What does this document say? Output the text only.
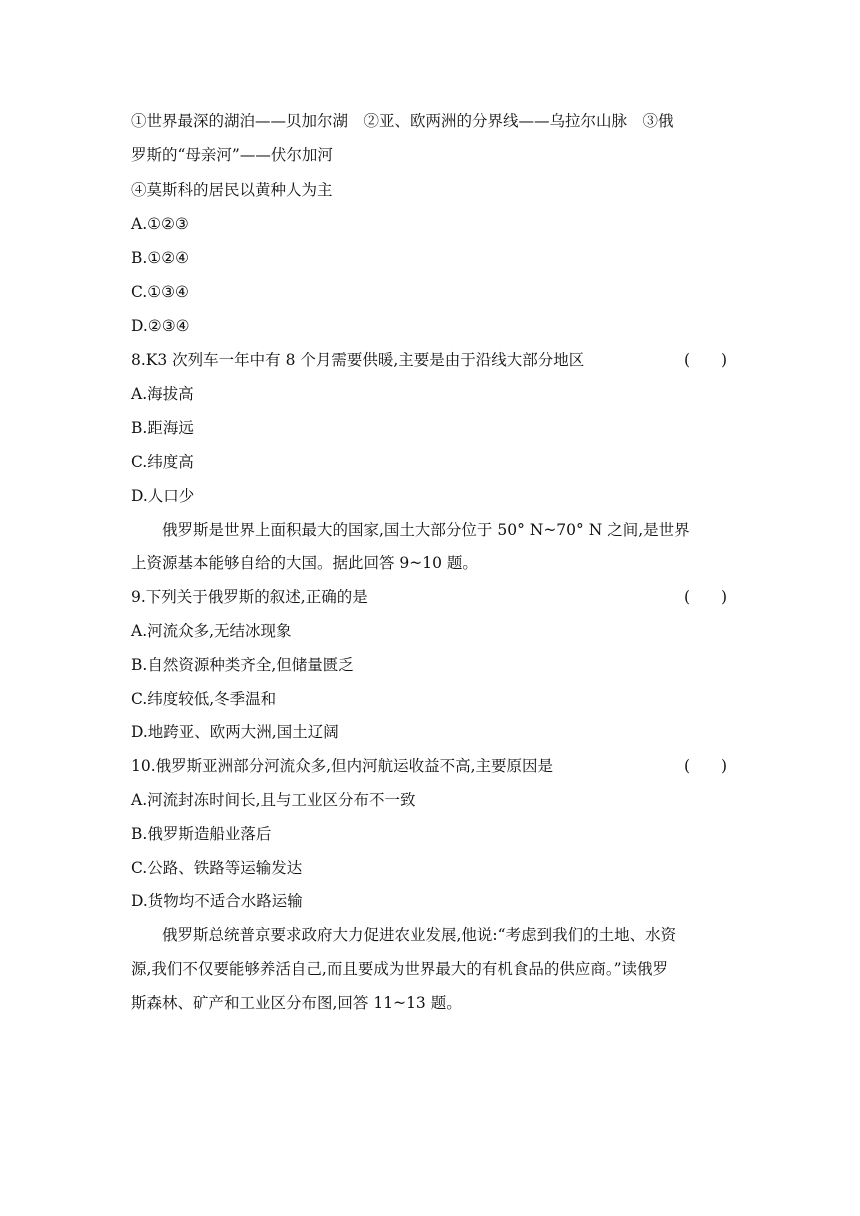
①世界最深的湖泊——贝加尔湖　②亚、欧两洲的分界线——乌拉尔山脉　③俄
罗斯的“母亲河”——伏尔加河
④莫斯科的居民以黄种人为主
A.①②③
B.①②④
C.①③④
D.②③④
8.K3 次列车一年中有 8 个月需要供暖,主要是由于沿线大部分地区	(　　)
A.海拔高
B.距海远
C.纬度高
D.人口少
俄罗斯是世界上面积最大的国家,国土大部分位于 50° N~70° N 之间,是世界
上资源基本能够自给的大国。据此回答 9~10 题。
9.下列关于俄罗斯的叙述,正确的是	(　　)
A.河流众多,无结冰现象
B.自然资源种类齐全,但储量匮乏
C.纬度较低,冬季温和
D.地跨亚、欧两大洲,国土辽阔
10.俄罗斯亚洲部分河流众多,但内河航运收益不高,主要原因是	(　　)
A.河流封冻时间长,且与工业区分布不一致
B.俄罗斯造船业落后
C.公路、铁路等运输发达
D.货物均不适合水路运输
俄罗斯总统普京要求政府大力促进农业发展,他说:“考虑到我们的土地、水资
源,我们不仅要能够养活自己,而且要成为世界最大的有机食品的供应商。”读俄罗
斯森林、矿产和工业区分布图,回答 11~13 题。
